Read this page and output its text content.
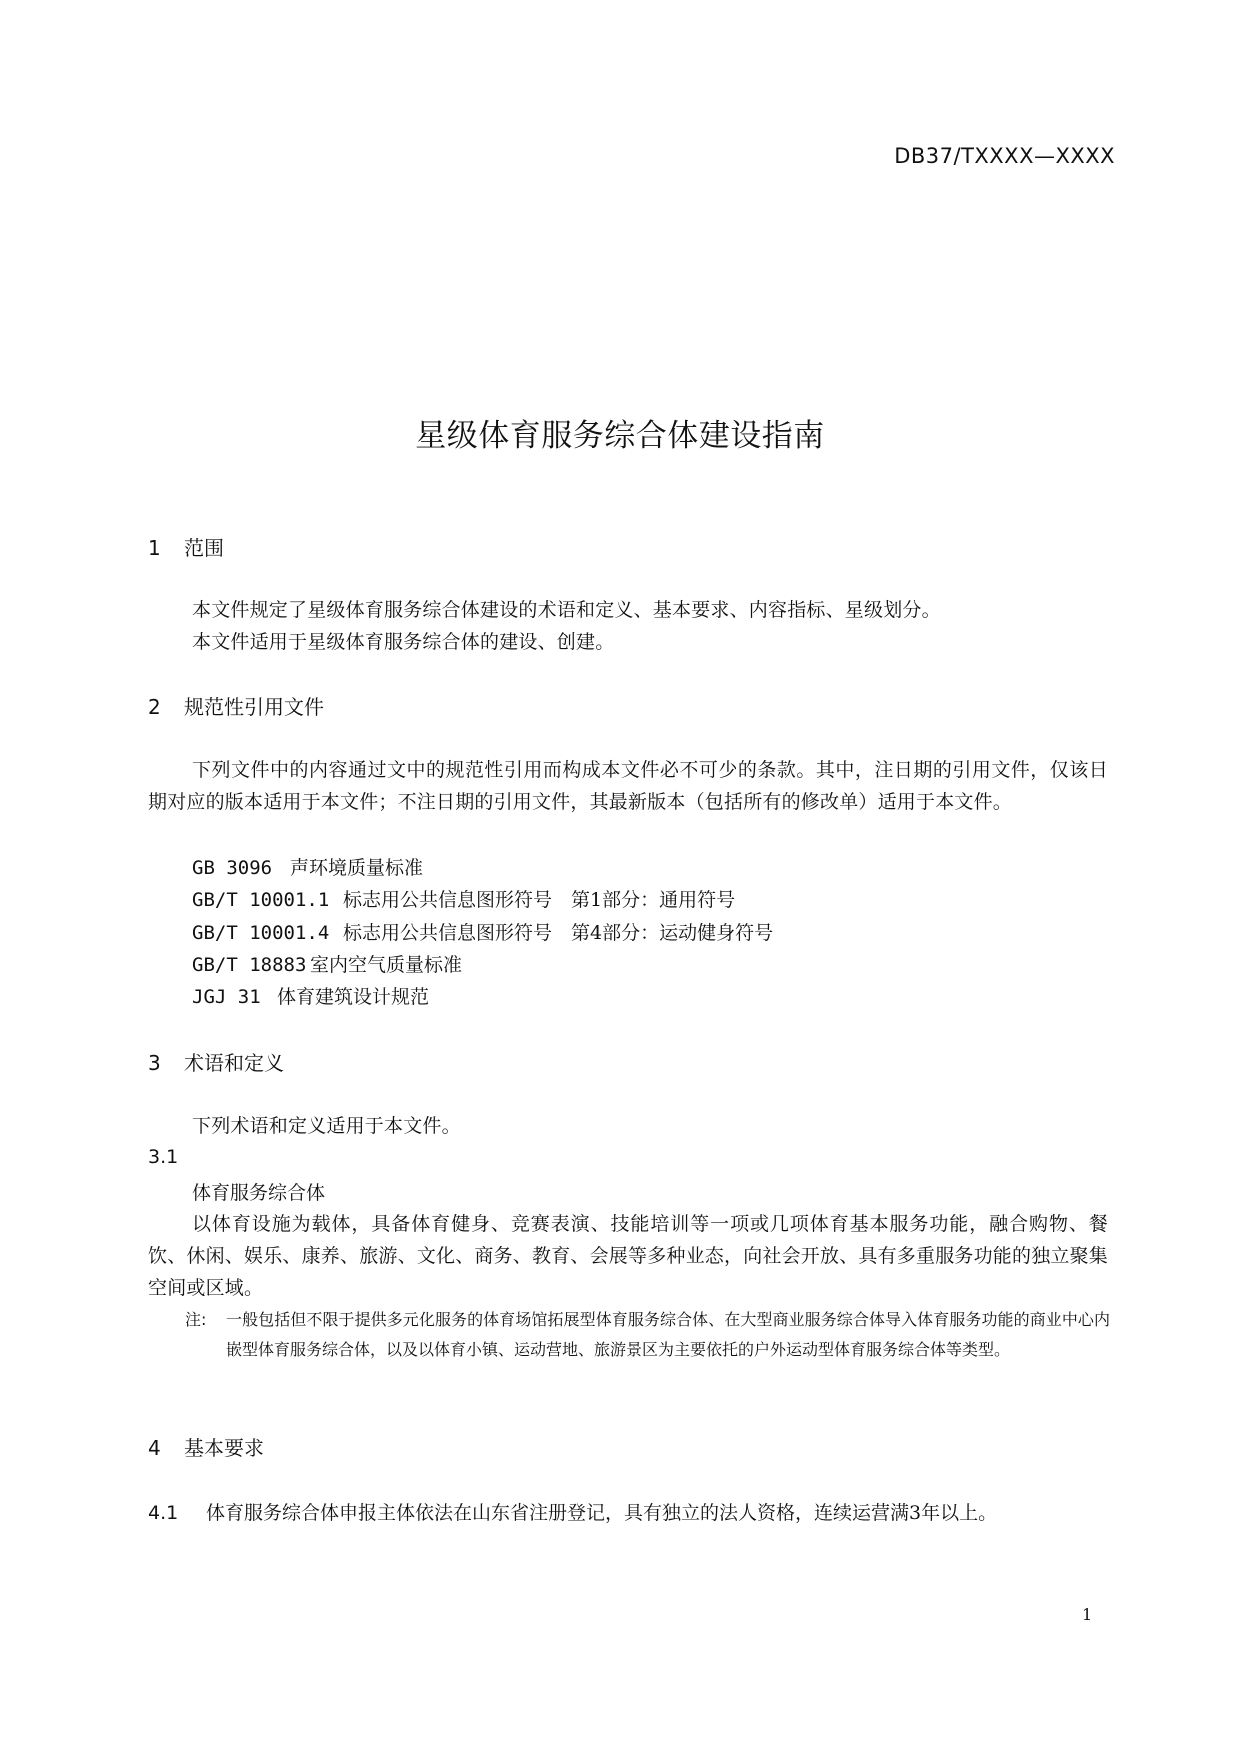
DB37/TXXXX—XXXX
星级体育服务综合体建设指南
1 范围
本文件规定了星级体育服务综合体建设的术语和定义、基本要求、内容指标、星级划分。
本文件适用于星级体育服务综合体的建设、创建。
2 规范性引用文件
下列文件中的内容通过文中的规范性引用而构成本文件必不可少的条款。其中，注日期的引用文件，仅该日期对应的版本适用于本文件；不注日期的引用文件，其最新版本（包括所有的修改单）适用于本文件。
GB 3096 声环境质量标准
GB/T 10001.1 标志用公共信息图形符号　第1部分：通用符号
GB/T 10001.4 标志用公共信息图形符号　第4部分：运动健身符号
GB/T 18883 室内空气质量标准
JGJ 31 体育建筑设计规范
3 术语和定义
下列术语和定义适用于本文件。
3.1
体育服务综合体
以体育设施为载体，具备体育健身、竞赛表演、技能培训等一项或几项体育基本服务功能，融合购物、餐饮、休闲、娱乐、康养、旅游、文化、商务、教育、会展等多种业态，向社会开放、具有多重服务功能的独立聚集空间或区域。
注: 一般包括但不限于提供多元化服务的体育场馆拓展型体育服务综合体、在大型商业服务综合体导入体育服务功能的商业中心内嵌型体育服务综合体，以及以体育小镇、运动营地、旅游景区为主要依托的户外运动型体育服务综合体等类型。
4 基本要求
4.1 体育服务综合体申报主体依法在山东省注册登记，具有独立的法人资格，连续运营满3年以上。
1
